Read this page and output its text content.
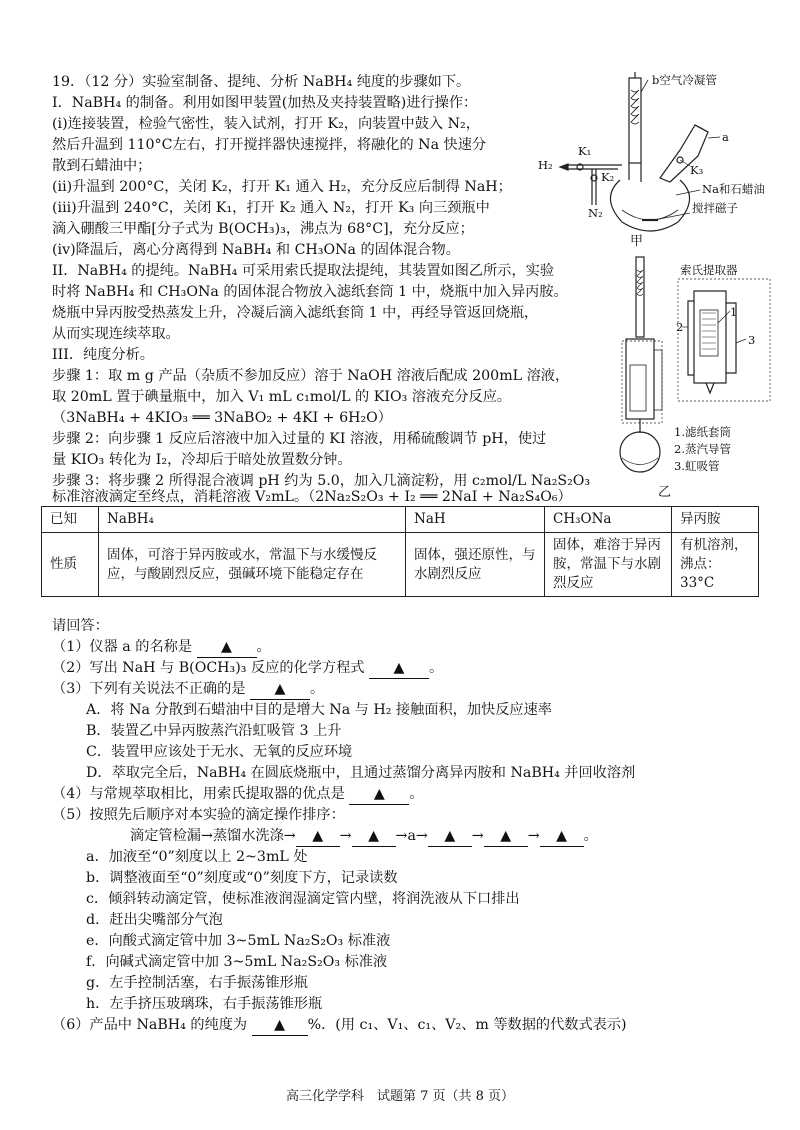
19．（12 分）实验室制备、提纯、分析 NaBH₄ 纯度的步骤如下。
I．NaBH₄ 的制备。利用如图甲装置(加热及夹持装置略)进行操作：
(i)连接装置，检验气密性，装入试剂，打开 K₂，向装置中鼓入 N₂，
然后升温到 110°C左右，打开搅拌器快速搅拌，将融化的 Na 快速分
散到石蜡油中；
(ii)升温到 200°C，关闭 K₂，打开 K₁ 通入 H₂，充分反应后制得 NaH；
(iii)升温到 240°C，关闭 K₁，打开 K₂ 通入 N₂，打开 K₃ 向三颈瓶中
滴入硼酸三甲酯[分子式为 B(OCH₃)₃，沸点为 68°C]，充分反应；
(iv)降温后，离心分离得到 NaBH₄ 和 CH₃ONa 的固体混合物。
II．NaBH₄ 的提纯。NaBH₄ 可采用索氏提取法提纯，其装置如图乙所示，实验
时将 NaBH₄ 和 CH₃ONa 的固体混合物放入滤纸套筒 1 中，烧瓶中加入异丙胺。
烧瓶中异丙胺受热蒸发上升，冷凝后滴入滤纸套筒 1 中，再经导管返回烧瓶，
从而实现连续萃取。
III．纯度分析。
步骤 1：取 m g 产品（杂质不参加反应）溶于 NaOH 溶液后配成 200mL 溶液，
取 20mL 置于碘量瓶中，加入 V₁ mL c₁mol/L 的 KIO₃ 溶液充分反应。
（3NaBH₄ + 4KIO₃ ══ 3NaBO₂ + 4KI + 6H₂O）
步骤 2：向步骤 1 反应后溶液中加入过量的 KI 溶液，用稀硫酸调节 pH，使过
量 KIO₃ 转化为 I₂，冷却后于暗处放置数分钟。
步骤 3：将步骤 2 所得混合液调 pH 约为 5.0，加入几滴淀粉，用 c₂mol/L Na₂S₂O₃
标准溶液滴定至终点，消耗溶液 V₂mL。（2Na₂S₂O₃ + I₂ ══ 2NaI + Na₂S₄O₆）
b空气冷凝管
a
K₁
K₂	K₃
H₂
N₂
Na和石蜡油
搅拌磁子
甲
索氏提取器
1
2
3
1.滤纸套筒
2.蒸汽导管
3.虹吸管
乙
已知	NaBH₄	NaH	CH₃ONa	异丙胺
性质	固体，可溶于异丙胺或水，常温下与水缓慢反应，与酸剧烈反应，强碱环境下能稳定存在	固体，强还原性，与水剧烈反应	固体，难溶于异丙胺，常温下与水剧烈反应	有机溶剂，沸点：33°C
请回答：
（1）仪器 a 的名称是 ▲ 。
（2）写出 NaH 与 B(OCH₃)₃ 反应的化学方程式 ▲ 。
（3）下列有关说法不正确的是 ▲ 。
A．将 Na 分散到石蜡油中目的是增大 Na 与 H₂ 接触面积，加快反应速率
B．装置乙中异丙胺蒸汽沿虹吸管 3 上升
C．装置甲应该处于无水、无氧的反应环境
D．萃取完全后，NaBH₄ 在圆底烧瓶中，且通过蒸馏分离异丙胺和 NaBH₄ 并回收溶剂
（4）与常规萃取相比，用索氏提取器的优点是 ▲ 。
（5）按照先后顺序对本实验的滴定操作排序：
滴定管检漏→蒸馏水洗涤→ ▲ → ▲ →a→ ▲ → ▲ → ▲ 。
a．加液至“0”刻度以上 2~3mL 处
b．调整液面至“0”刻度或“0”刻度下方，记录读数
c．倾斜转动滴定管，使标准液润湿滴定管内壁，将润洗液从下口排出
d．赶出尖嘴部分气泡
e．向酸式滴定管中加 3~5mL Na₂S₂O₃ 标准液
f．向碱式滴定管中加 3~5mL Na₂S₂O₃ 标准液
g．左手控制活塞，右手振荡锥形瓶
h．左手挤压玻璃珠，右手振荡锥形瓶
（6）产品中 NaBH₄ 的纯度为 ▲ %．(用 c₁、V₁、c₁、V₂、m 等数据的代数式表示)
高三化学学科　试题第 7 页（共 8 页）
